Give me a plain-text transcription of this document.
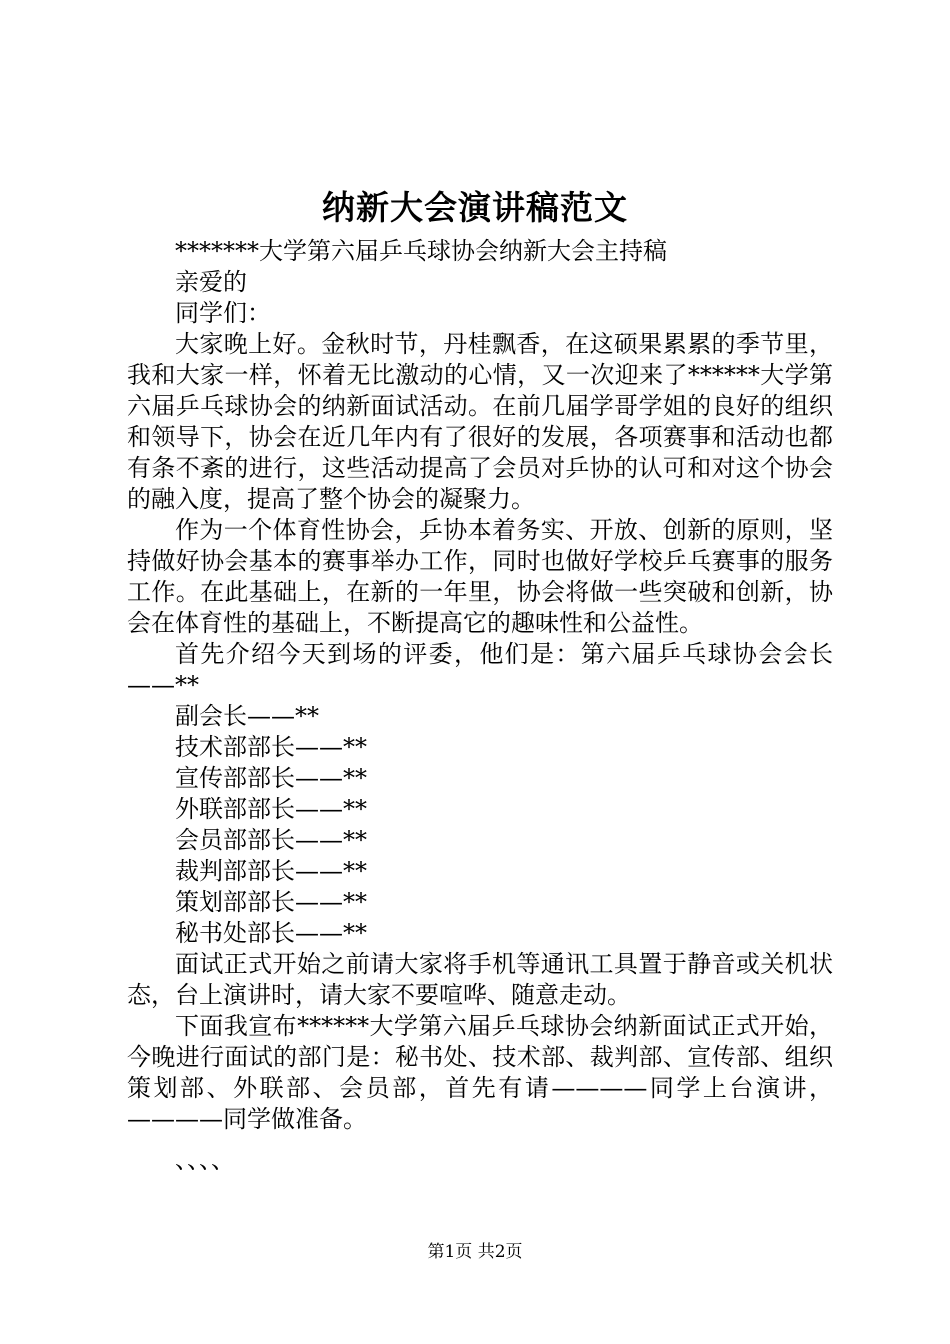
纳新大会演讲稿范文

*******大学第六届乒乓球协会纳新大会主持稿

亲爱的

同学们：

大家晚上好。金秋时节，丹桂飘香，在这硕果累累的季节里，我和大家一样，怀着无比激动的心情，又一次迎来了******大学第六届乒乓球协会的纳新面试活动。在前几届学哥学姐的良好的组织和领导下，协会在近几年内有了很好的发展，各项赛事和活动也都有条不紊的进行，这些活动提高了会员对乒协的认可和对这个协会的融入度，提高了整个协会的凝聚力。

作为一个体育性协会，乒协本着务实、开放、创新的原则，坚持做好协会基本的赛事举办工作，同时也做好学校乒乓赛事的服务工作。在此基础上，在新的一年里，协会将做一些突破和创新，协会在体育性的基础上，不断提高它的趣味性和公益性。

首先介绍今天到场的评委，他们是：第六届乒乓球协会会长——**

副会长——**

技术部部长——**

宣传部部长——**

外联部部长——**

会员部部长——**

裁判部部长——**

策划部部长——**

秘书处部长——**

面试正式开始之前请大家将手机等通讯工具置于静音或关机状态，台上演讲时，请大家不要喧哗、随意走动。

下面我宣布******大学第六届乒乓球协会纳新面试正式开始，今晚进行面试的部门是：秘书处、技术部、裁判部、宣传部、组织策划部、外联部、会员部，首先有请————同学上台演讲，————同学做准备。

、、、、

第1页 共2页
